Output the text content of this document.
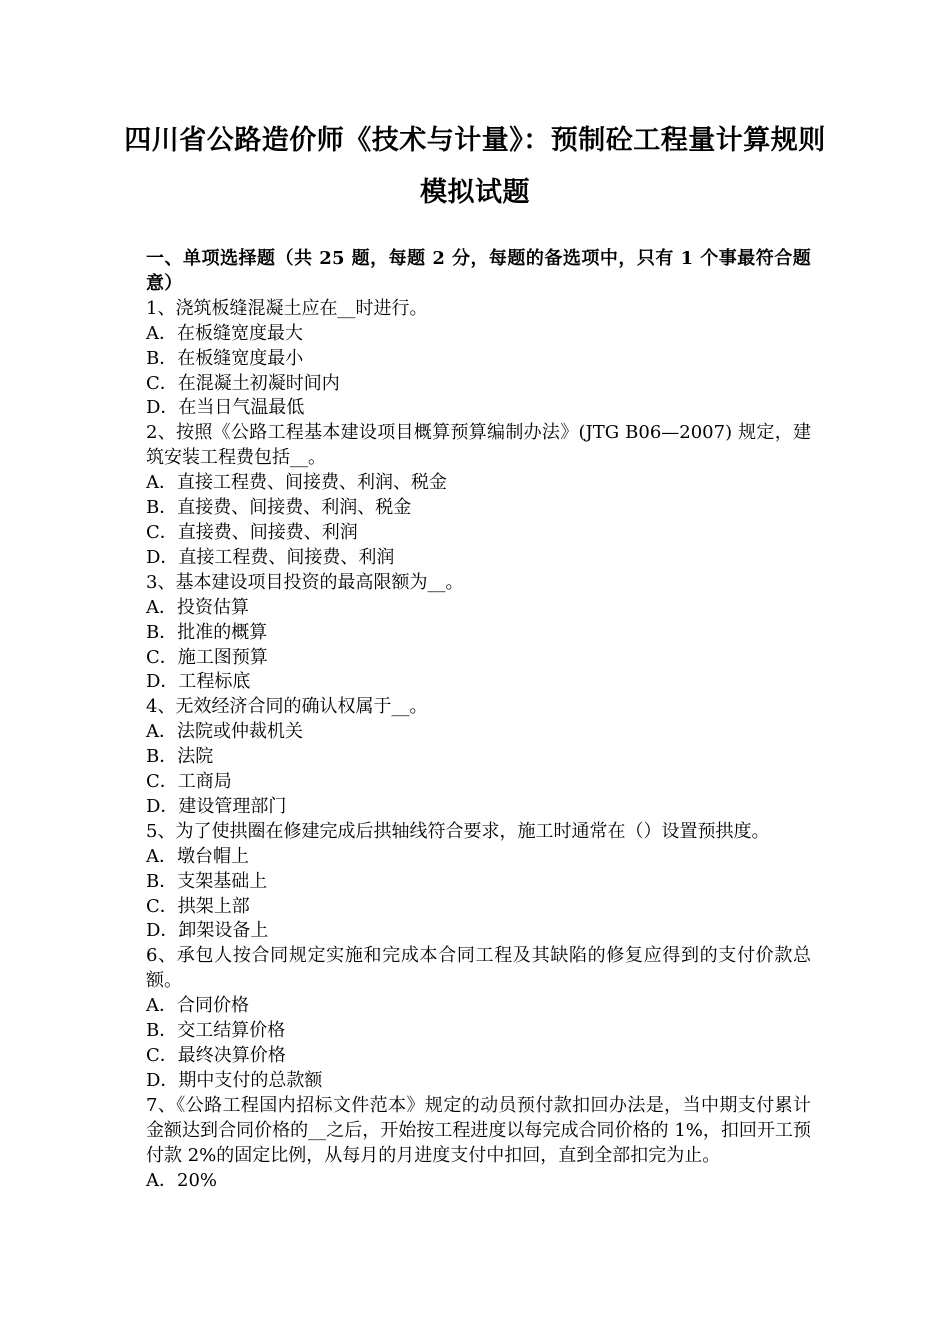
四川省公路造价师《技术与计量》：预制砼工程量计算规则
模拟试题

一、单项选择题（共 25 题，每题 2 分，每题的备选项中，只有 1 个事最符合题意）

1、浇筑板缝混凝土应在__时进行。

A．在板缝宽度最大

B．在板缝宽度最小

C．在混凝土初凝时间内

D．在当日气温最低

2、按照《公路工程基本建设项目概算预算编制办法》(JTG B06—2007) 规定，建筑安装工程费包括__。

A．直接工程费、间接费、利润、税金

B．直接费、间接费、利润、税金

C．直接费、间接费、利润

D．直接工程费、间接费、利润

3、基本建设项目投资的最高限额为__。

A．投资估算

B．批准的概算

C．施工图预算

D．工程标底

4、无效经济合同的确认权属于__。

A．法院或仲裁机关

B．法院

C．工商局

D．建设管理部门

5、为了使拱圈在修建完成后拱轴线符合要求，施工时通常在（）设置预拱度。

A．墩台帽上

B．支架基础上

C．拱架上部

D．卸架设备上

6、承包人按合同规定实施和完成本合同工程及其缺陷的修复应得到的支付价款总额。

A．合同价格

B．交工结算价格

C．最终决算价格

D．期中支付的总款额

7、《公路工程国内招标文件范本》规定的动员预付款扣回办法是，当中期支付累计金额达到合同价格的__之后，开始按工程进度以每完成合同价格的 1%，扣回开工预付款 2%的固定比例，从每月的月进度支付中扣回，直到全部扣完为止。

A．20%
